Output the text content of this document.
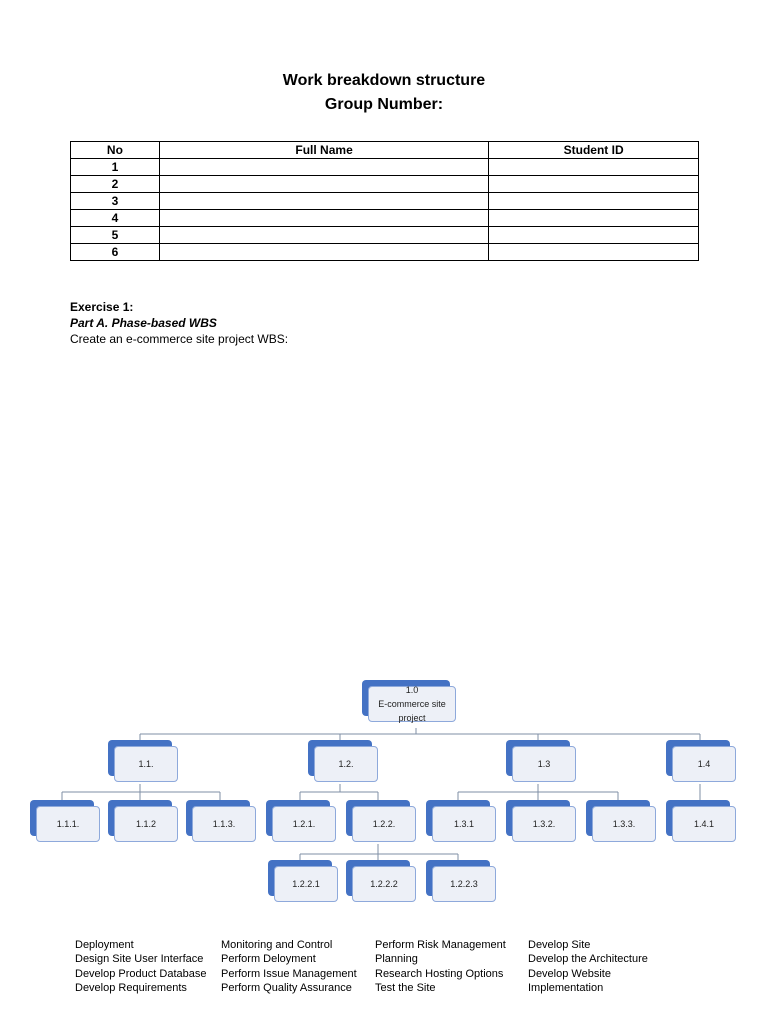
Work breakdown structure
Group Number:
No	Full Name	Student ID
1		
2		
3		
4		
5		
6		
Exercise 1:
Part A. Phase-based WBS
Create an e-commerce site project WBS:
1.0
E-commerce site project
1.1.	1.2.	1.3	1.4
1.1.1.	1.1.2	1.1.3.	1.2.1.	1.2.2.	1.3.1	1.3.2.	1.3.3.	1.4.1
1.2.2.1	1.2.2.2	1.2.2.3
Deployment
Design Site User Interface
Develop Product Database
Develop Requirements
Monitoring and Control
Perform Deloyment
Perform Issue Management
Perform Quality Assurance
Perform Risk Management
Planning
Research Hosting Options
Test the Site
Develop Site
Develop the Architecture
Develop Website
Implementation
